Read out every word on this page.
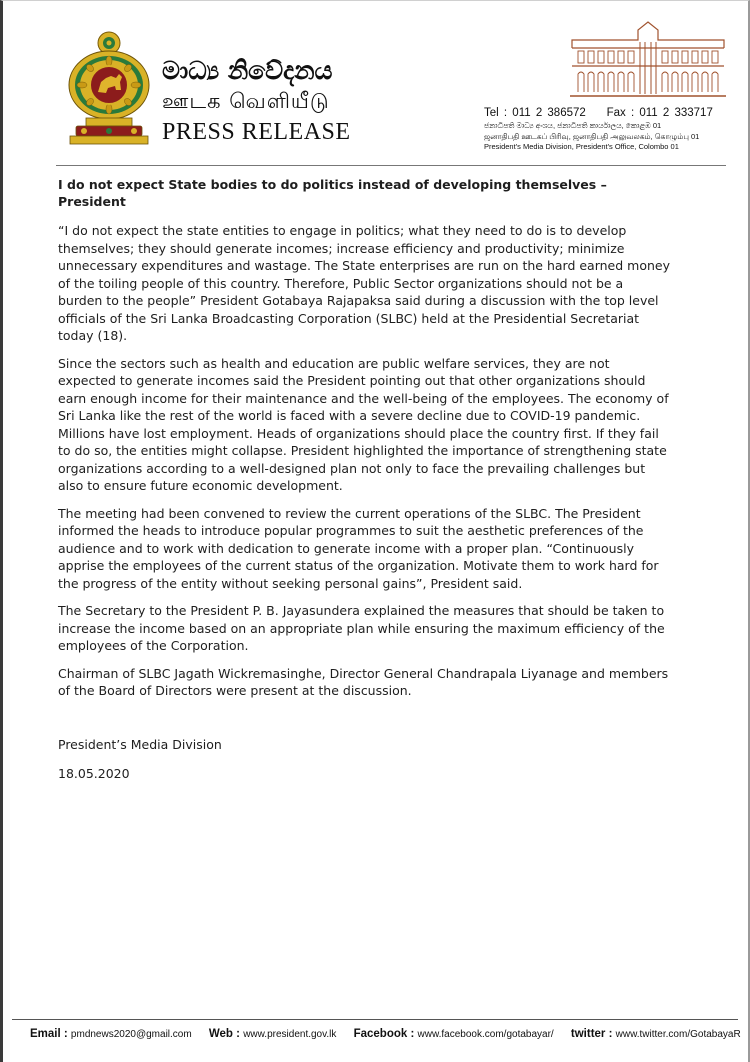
මාධ්‍ය නිවේදනය
ஊடக வெளியீடு
PRESS RELEASE
Tel : 011 2 386572 Fax : 011 2 333717
ජනාධිපති මාධ්‍ය අංශය, ජනාධිපති කාර්යාලය, කොළඹ 01
ஜனாதிபதி ஊடகப் பிரிவு, ஜனாதிபதி அலுவலகம், கொழும்பு 01
President's Media Division, President's Office, Colombo 01

I do not expect State bodies to do politics instead of developing themselves – President

“I do not expect the state entities to engage in politics; what they need to do is to develop themselves; they should generate incomes; increase efficiency and productivity; minimize unnecessary expenditures and wastage. The State enterprises are run on the hard earned money of the toiling people of this country. Therefore, Public Sector organizations should not be a burden to the people” President Gotabaya Rajapaksa said during a discussion with the top level officials of the Sri Lanka Broadcasting Corporation (SLBC) held at the Presidential Secretariat today (18).

Since the sectors such as health and education are public welfare services, they are not expected to generate incomes said the President pointing out that other organizations should earn enough income for their maintenance and the well-being of the employees. The economy of Sri Lanka like the rest of the world is faced with a severe decline due to COVID-19 pandemic. Millions have lost employment. Heads of organizations should place the country first. If they fail to do so, the entities might collapse. President highlighted the importance of strengthening state organizations according to a well-designed plan not only to face the prevailing challenges but also to ensure future economic development.

The meeting had been convened to review the current operations of the SLBC. The President informed the heads to introduce popular programmes to suit the aesthetic preferences of the audience and to work with dedication to generate income with a proper plan. “Continuously apprise the employees of the current status of the organization. Motivate them to work hard for the progress of the entity without seeking personal gains”, President said.

The Secretary to the President P. B. Jayasundera explained the measures that should be taken to increase the income based on an appropriate plan while ensuring the maximum efficiency of the employees of the Corporation.

Chairman of SLBC Jagath Wickremasinghe, Director General Chandrapala Liyanage and members of the Board of Directors were present at the discussion.

President’s Media Division
18.05.2020
Email : pmdnews2020@gmail.com Web : www.president.gov.lk Facebook : www.facebook.com/gotabayar/ twitter : www.twitter.com/GotabayaR
